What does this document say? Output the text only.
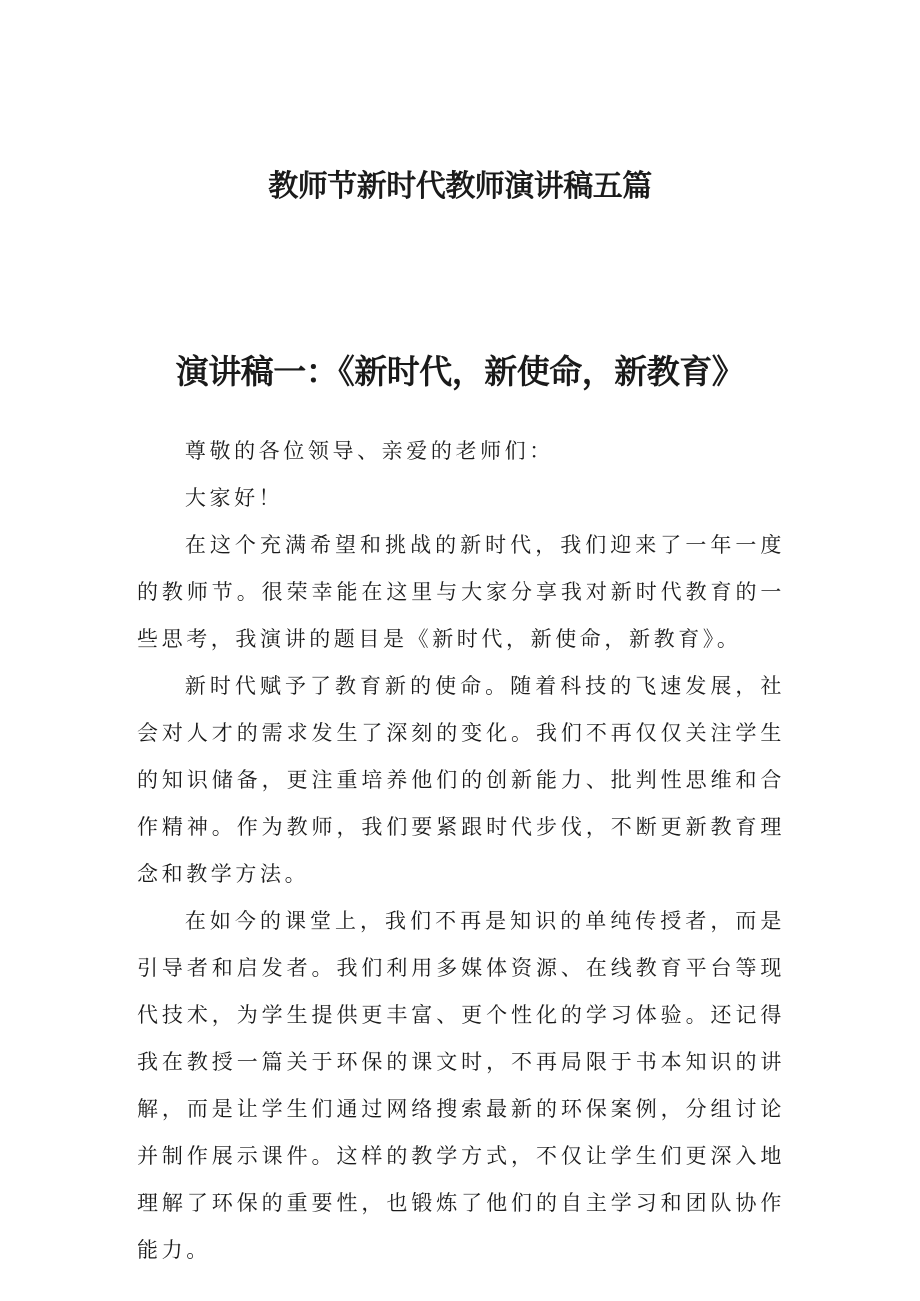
教师节新时代教师演讲稿五篇
演讲稿一：《新时代，新使命，新教育》

尊敬的各位领导、亲爱的老师们：

大家好！

在这个充满希望和挑战的新时代，我们迎来了一年一度的教师节。很荣幸能在这里与大家分享我对新时代教育的一些思考，我演讲的题目是《新时代，新使命，新教育》。

新时代赋予了教育新的使命。随着科技的飞速发展，社会对人才的需求发生了深刻的变化。我们不再仅仅关注学生的知识储备，更注重培养他们的创新能力、批判性思维和合作精神。作为教师，我们要紧跟时代步伐，不断更新教育理念和教学方法。

在如今的课堂上，我们不再是知识的单纯传授者，而是引导者和启发者。我们利用多媒体资源、在线教育平台等现代技术，为学生提供更丰富、更个性化的学习体验。还记得我在教授一篇关于环保的课文时，不再局限于书本知识的讲解，而是让学生们通过网络搜索最新的环保案例，分组讨论并制作展示课件。这样的教学方式，不仅让学生们更深入地理解了环保的重要性，也锻炼了他们的自主学习和团队协作能力。
